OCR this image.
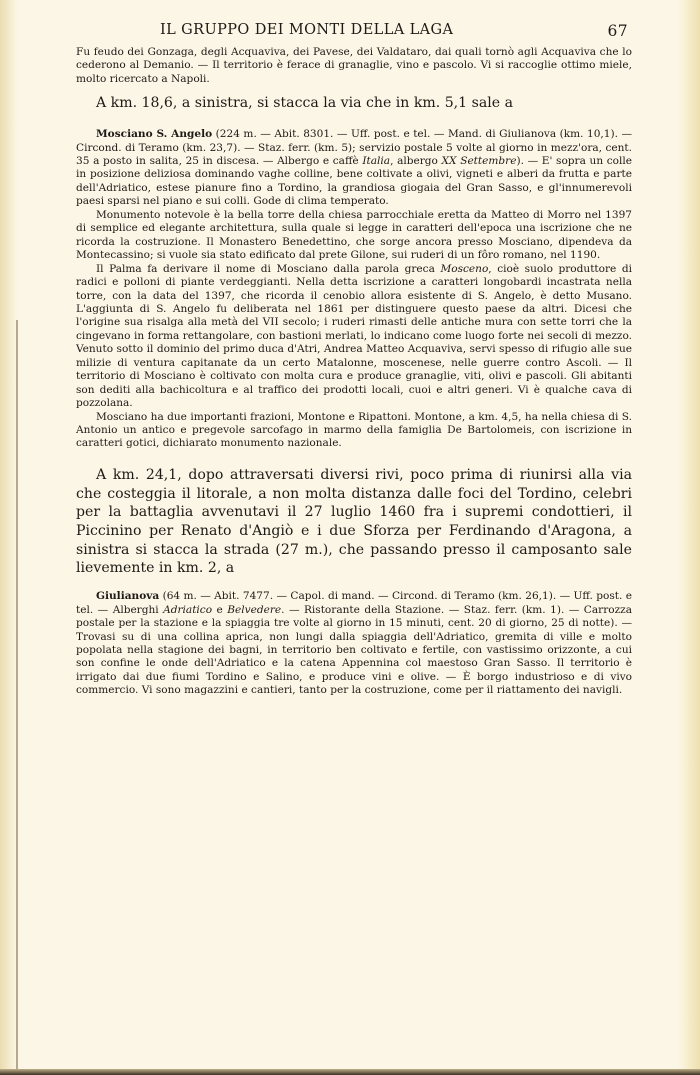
IL GRUPPO DEI MONTI DELLA LAGA	67

Fu feudo dei Gonzaga, degli Acquaviva, dei Pavese, dei Valdataro, dai quali tornò agli Acquaviva che lo cederono al Demanio. — Il territorio è ferace di granaglie, vino e pascolo. Vi si raccoglie ottimo miele, molto ricercato a Napoli.

A km. 18,6, a sinistra, si stacca la via che in km. 5,1 sale a

Mosciano S. Angelo (224 m. — Abit. 8301. — Uff. post. e tel. — Mand. di Giulianova (km. 10,1). — Circond. di Teramo (km. 23,7). — Staz. ferr. (km. 5); servizio postale 5 volte al giorno in mezz'ora, cent. 35 a posto in salita, 25 in discesa. — Albergo e caffè Italia, albergo XX Settembre). — E' sopra un colle in posizione deliziosa dominando vaghe colline, bene coltivate a olivi, vigneti e alberi da frutta e parte dell'Adriatico, estese pianure fino a Tordino, la grandiosa giogaia del Gran Sasso, e gl'innumerevoli paesi sparsi nel piano e sui colli. Gode di clima temperato.

Monumento notevole è la bella torre della chiesa parrocchiale eretta da Matteo di Morro nel 1397 di semplice ed elegante architettura, sulla quale si legge in caratteri dell'epoca una iscrizione che ne ricorda la costruzione. Il Monastero Benedettino, che sorge ancora presso Mosciano, dipendeva da Montecassino; si vuole sia stato edificato dal prete Gilone, sui ruderi di un fôro romano, nel 1190.

Il Palma fa derivare il nome di Mosciano dalla parola greca Mosceno, cioè suolo produttore di radici e polloni di piante verdeggianti. Nella detta iscrizione a caratteri longobardi incastrata nella torre, con la data del 1397, che ricorda il cenobio allora esistente di S. Angelo, è detto Musano. L'aggiunta di S. Angelo fu deliberata nel 1861 per distinguere questo paese da altri. Dicesi che l'origine sua risalga alla metà del VII secolo; i ruderi rimasti delle antiche mura con sette torri che la cingevano in forma rettangolare, con bastioni merlati, lo indicano come luogo forte nei secoli di mezzo. Venuto sotto il dominio del primo duca d'Atri, Andrea Matteo Acquaviva, servi spesso di rifugio alle sue milizie di ventura capitanate da un certo Matalonne, moscenese, nelle guerre contro Ascoli. — Il territorio di Mosciano è coltivato con molta cura e produce granaglie, viti, olivi e pascoli. Gli abitanti son dediti alla bachicoltura e al traffico dei prodotti locali, cuoi e altri generi. Vi è qualche cava di pozzolana.

Mosciano ha due importanti frazioni, Montone e Ripattoni. Montone, a km. 4,5, ha nella chiesa di S. Antonio un antico e pregevole sarcofago in marmo della famiglia De Bartolomeis, con iscrizione in caratteri gotici, dichiarato monumento nazionale.

A km. 24,1, dopo attraversati diversi rivi, poco prima di riunirsi alla via che costeggia il litorale, a non molta distanza dalle foci del Tordino, celebri per la battaglia avvenutavi il 27 luglio 1460 fra i supremi condottieri, il Piccinino per Renato d'Angiò e i due Sforza per Ferdinando d'Aragona, a sinistra si stacca la strada (27 m.), che passando presso il camposanto sale lievemente in km. 2, a

Giulianova (64 m. — Abit. 7477. — Capol. di mand. — Circond. di Teramo (km. 26,1). — Uff. post. e tel. — Alberghi Adriatico e Belvedere. — Ristorante della Stazione. — Staz. ferr. (km. 1). — Carrozza postale per la stazione e la spiaggia tre volte al giorno in 15 minuti, cent. 20 di giorno, 25 di notte). — Trovasi su di una collina aprica, non lungi dalla spiaggia dell'Adriatico, gremita di ville e molto popolata nella stagione dei bagni, in territorio ben coltivato e fertile, con vastissimo orizzonte, a cui son confine le onde dell'Adriatico e la catena Appennina col maestoso Gran Sasso. Il territorio è irrigato dai due fiumi Tordino e Salino, e produce vini e olive. — È borgo industrioso e di vivo commercio. Vi sono magazzini e cantieri, tanto per la costruzione, come per il riattamento dei navigli.
